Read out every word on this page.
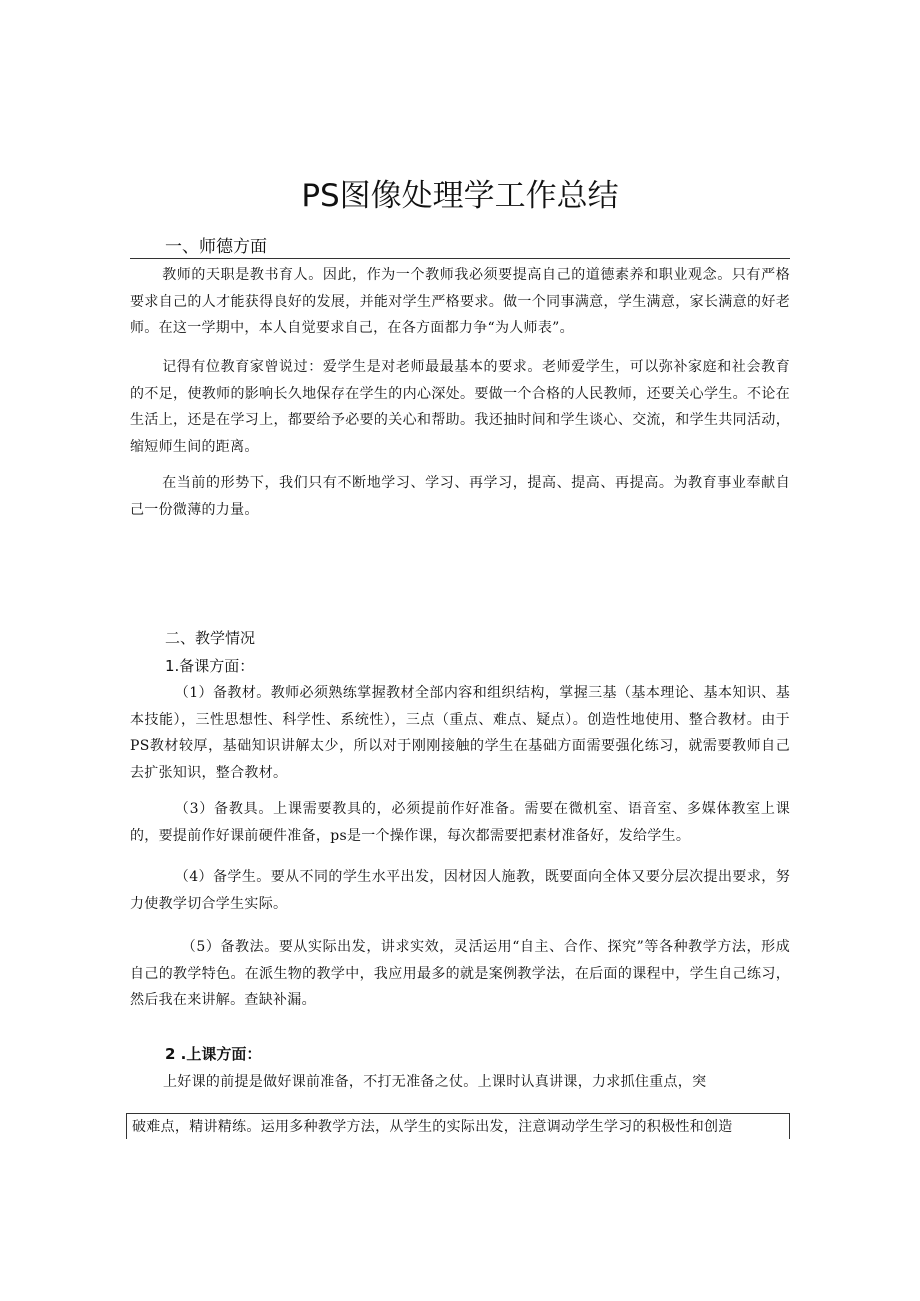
PS图像处理学工作总结
一、师德方面
教师的天职是教书育人。因此，作为一个教师我必须要提高自己的道德素养和职业观念。只有严格要求自己的人才能获得良好的发展，并能对学生严格要求。做一个同事满意，学生满意，家长满意的好老师。在这一学期中，本人自觉要求自己，在各方面都力争“为人师表”。
记得有位教育家曾说过：爱学生是对老师最最基本的要求。老师爱学生，可以弥补家庭和社会教育的不足，使教师的影响长久地保存在学生的内心深处。要做一个合格的人民教师，还要关心学生。不论在生活上，还是在学习上，都要给予必要的关心和帮助。我还抽时间和学生谈心、交流，和学生共同活动，缩短师生间的距离。
在当前的形势下，我们只有不断地学习、学习、再学习，提高、提高、再提高。为教育事业奉献自己一份微薄的力量。
二、教学情况
1.备课方面：
（1）备教材。教师必须熟练掌握教材全部内容和组织结构，掌握三基（基本理论、基本知识、基本技能），三性思想性、科学性、系统性），三点（重点、难点、疑点）。创造性地使用、整合教材。由于PS教材较厚，基础知识讲解太少，所以对于刚刚接触的学生在基础方面需要强化练习，就需要教师自己去扩张知识，整合教材。
（3）备教具。上课需要教具的，必须提前作好准备。需要在微机室、语音室、多媒体教室上课的，要提前作好课前硬件准备，ps是一个操作课，每次都需要把素材准备好，发给学生。
（4）备学生。要从不同的学生水平出发，因材因人施教，既要面向全体又要分层次提出要求，努力使教学切合学生实际。
（5）备教法。要从实际出发，讲求实效，灵活运用“自主、合作、探究”等各种教学方法，形成自己的教学特色。在派生物的教学中，我应用最多的就是案例教学法，在后面的课程中，学生自己练习，然后我在来讲解。查缺补漏。
2 .上课方面：
上好课的前提是做好课前准备，不打无准备之仗。上课时认真讲课，力求抓住重点，突
破难点，精讲精练。运用多种教学方法，从学生的实际出发，注意调动学生学习的积极性和创造
